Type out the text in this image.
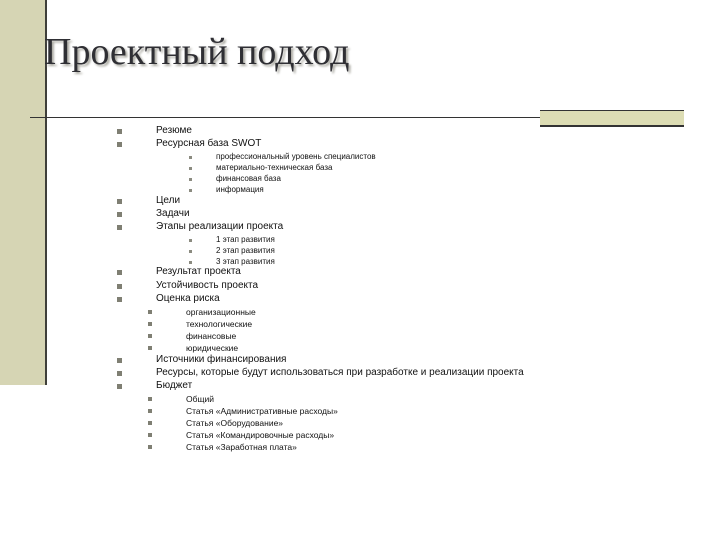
Проектный подход
Резюме
Ресурсная база SWOT
профессиональный уровень специалистов
материально-техническая база
финансовая база
информация
Цели
Задачи
Этапы реализации проекта
1 этап развития
2 этап развития
3 этап развития
Результат проекта
Устойчивость проекта
Оценка риска
организационные
технологические
финансовые
юридические
Источники финансирования
Ресурсы, которые будут использоваться при разработке и реализации проекта
Бюджет
Общий
Статья «Административные расходы»
Статья «Оборудование»
Статья «Командировочные расходы»
Статья «Заработная плата»
